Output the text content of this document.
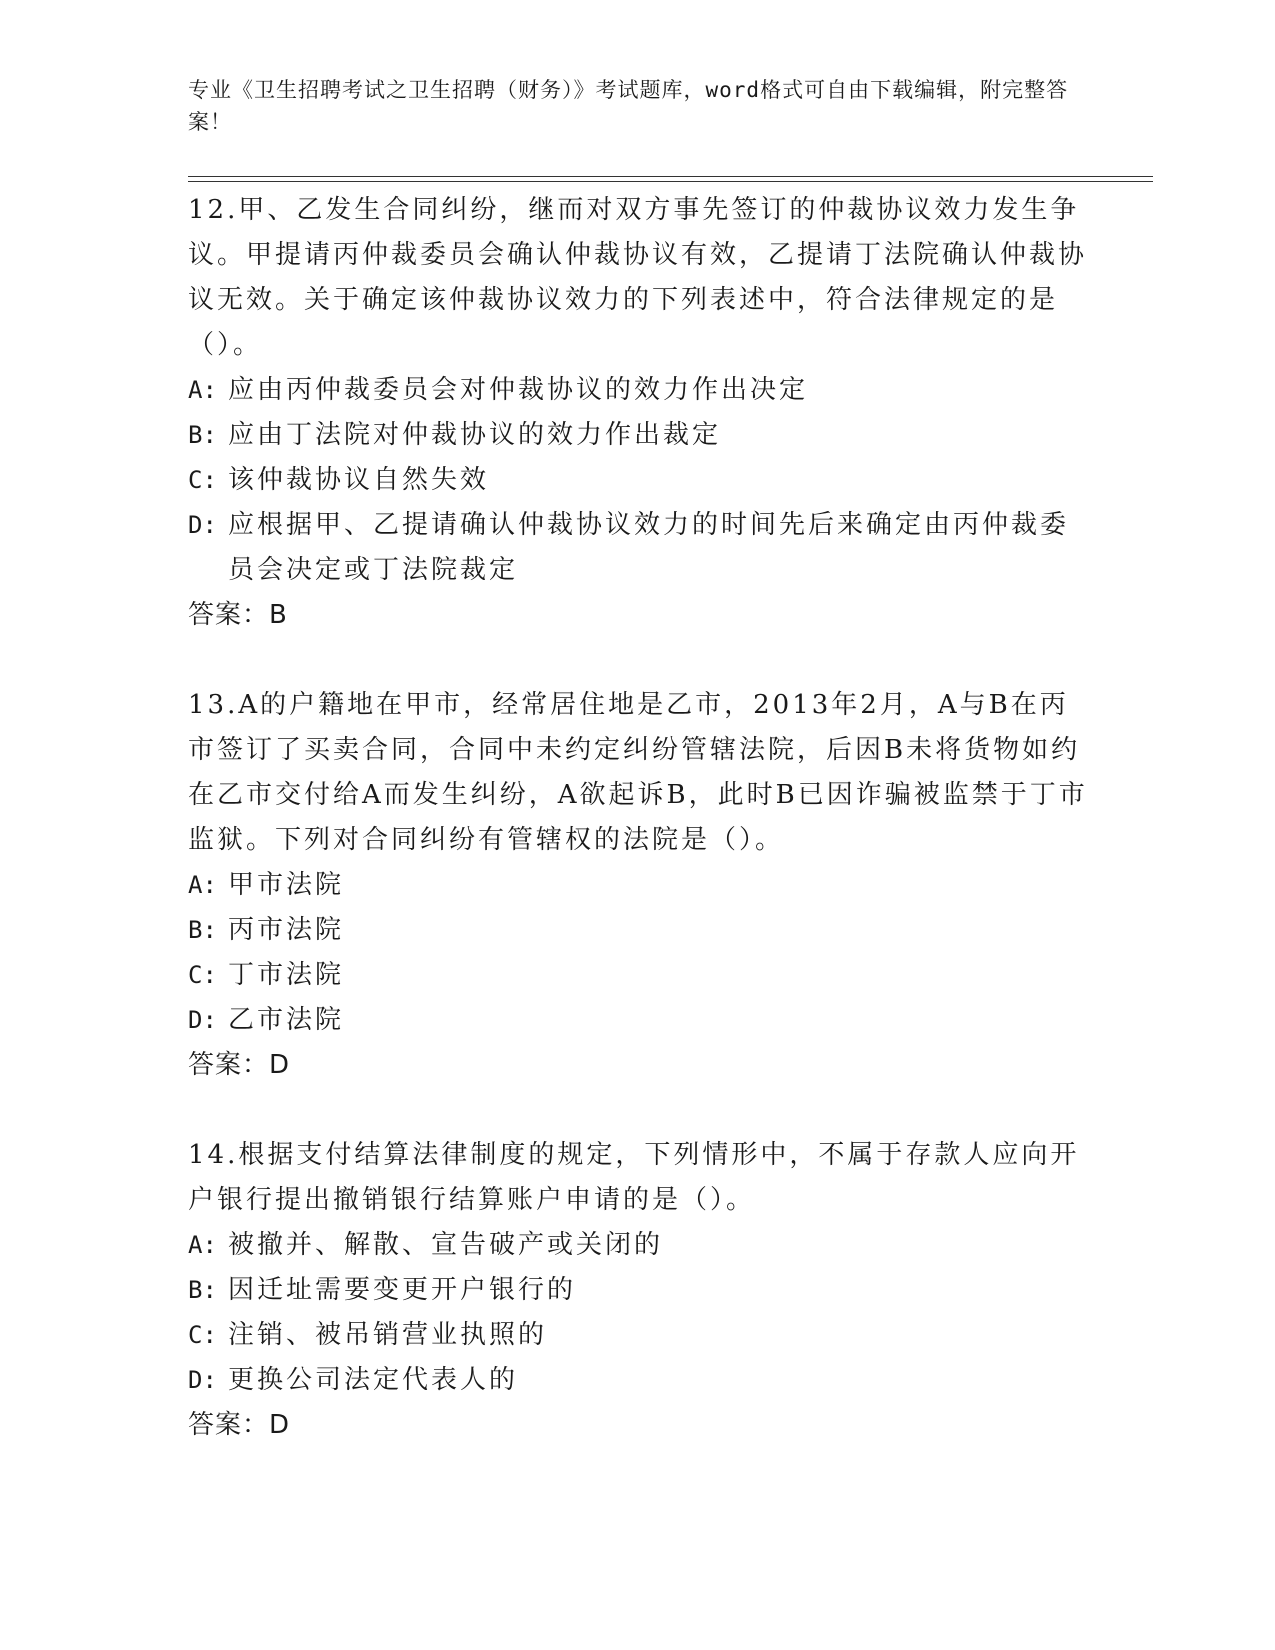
专业《卫生招聘考试之卫生招聘（财务）》考试题库，word格式可自由下载编辑，附完整答案！
12.甲、乙发生合同纠纷，继而对双方事先签订的仲裁协议效力发生争议。甲提请丙仲裁委员会确认仲裁协议有效，乙提请丁法院确认仲裁协议无效。关于确定该仲裁协议效力的下列表述中，符合法律规定的是（）。
A: 应由丙仲裁委员会对仲裁协议的效力作出决定
B: 应由丁法院对仲裁协议的效力作出裁定
C: 该仲裁协议自然失效
D: 应根据甲、乙提请确认仲裁协议效力的时间先后来确定由丙仲裁委员会决定或丁法院裁定
答案：B
13.A的户籍地在甲市，经常居住地是乙市，2013年2月，A与B在丙市签订了买卖合同，合同中未约定纠纷管辖法院，后因B未将货物如约在乙市交付给A而发生纠纷，A欲起诉B，此时B已因诈骗被监禁于丁市监狱。下列对合同纠纷有管辖权的法院是（）。
A: 甲市法院
B: 丙市法院
C: 丁市法院
D: 乙市法院
答案：D
14.根据支付结算法律制度的规定，下列情形中，不属于存款人应向开户银行提出撤销银行结算账户申请的是（）。
A: 被撤并、解散、宣告破产或关闭的
B: 因迁址需要变更开户银行的
C: 注销、被吊销营业执照的
D: 更换公司法定代表人的
答案：D
